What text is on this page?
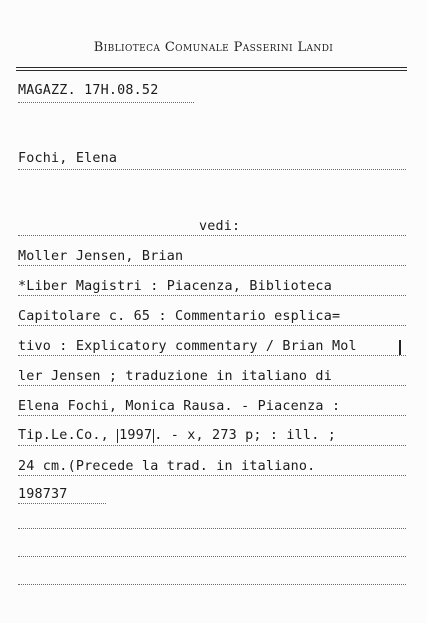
Biblioteca Comunale Passerini Landi
MAGAZZ. 17H.08.52
Fochi, Elena
vedi:
Moller Jensen, Brian
*Liber Magistri : Piacenza, Biblioteca
Capitolare c. 65 : Commentario esplica=
tivo : Explicatory commentary / Brian Mol
ler Jensen ; traduzione in italiano di
Elena Fochi, Monica Rausa. - Piacenza :
Tip.Le.Co., 1997 . - x, 273 p; : ill. ;
24 cm.(Precede la trad. in italiano.
198737
